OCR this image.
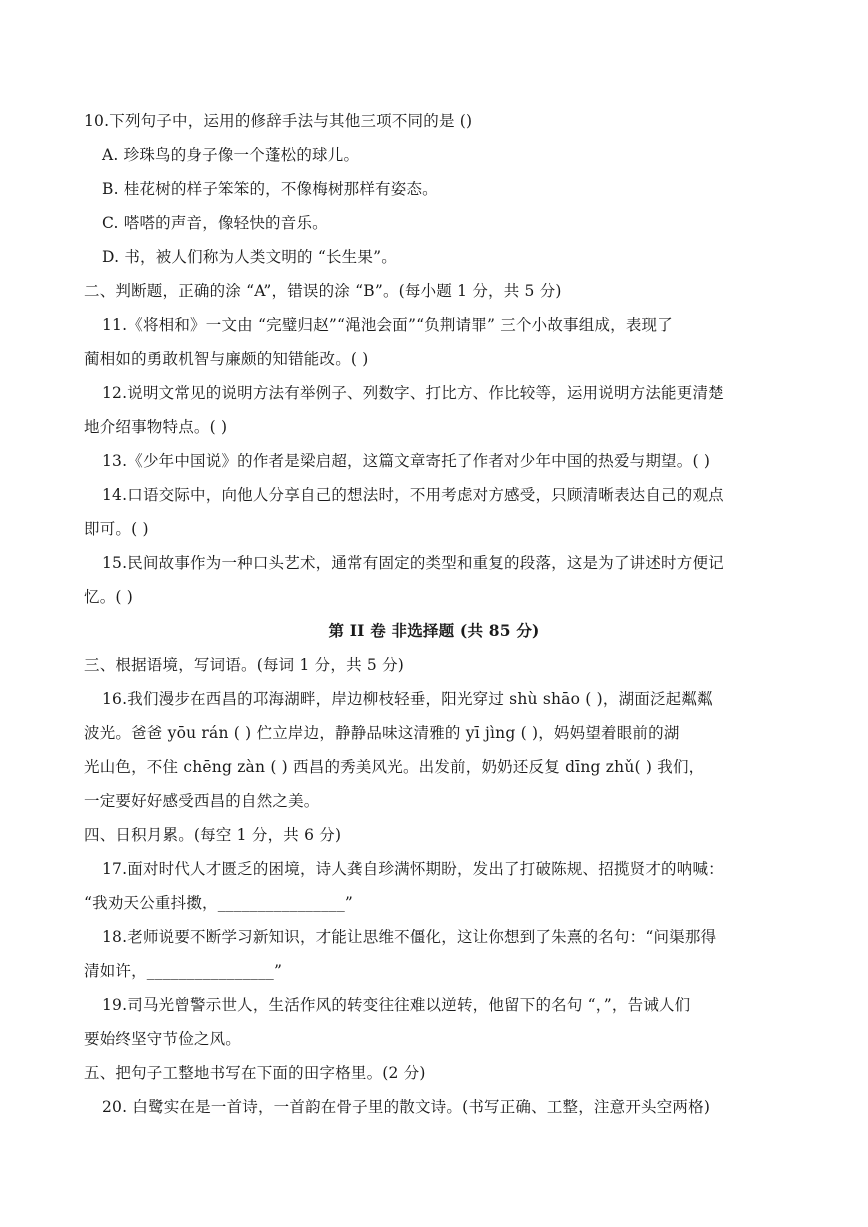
10.下列句子中，运用的修辞手法与其他三项不同的是 ()
A. 珍珠鸟的身子像一个蓬松的球儿。
B. 桂花树的样子笨笨的，不像梅树那样有姿态。
C. 嗒嗒的声音，像轻快的音乐。
D. 书，被人们称为人类文明的 “长生果”。
二、判断题，正确的涂 “A”，错误的涂 “B”。(每小题 1 分，共 5 分)
11.《将相和》一文由 “完璧归赵”“渑池会面”“负荆请罪” 三个小故事组成，表现了
蔺相如的勇敢机智与廉颇的知错能改。( )
12.说明文常见的说明方法有举例子、列数字、打比方、作比较等，运用说明方法能更清楚
地介绍事物特点。( )
13.《少年中国说》的作者是梁启超，这篇文章寄托了作者对少年中国的热爱与期望。( )
14.口语交际中，向他人分享自己的想法时，不用考虑对方感受，只顾清晰表达自己的观点
即可。( )
15.民间故事作为一种口头艺术，通常有固定的类型和重复的段落，这是为了讲述时方便记
忆。( )
第 II 卷 非选择题 (共 85 分)
三、根据语境，写词语。(每词 1 分，共 5 分)
16.我们漫步在西昌的邛海湖畔，岸边柳枝轻垂，阳光穿过 shù shāo ( )，湖面泛起粼粼
波光。爸爸 yōu rán ( ) 伫立岸边，静静品味这清雅的 yī jìng ( )，妈妈望着眼前的湖
光山色，不住 chēng zàn ( ) 西昌的秀美风光。出发前，奶奶还反复 dīng zhǔ( ) 我们，
一定要好好感受西昌的自然之美。
四、日积月累。(每空 1 分，共 6 分)
17.面对时代人才匮乏的困境，诗人龚自珍满怀期盼，发出了打破陈规、招揽贤才的呐喊：
“我劝天公重抖擞，________________”
18.老师说要不断学习新知识，才能让思维不僵化，这让你想到了朱熹的名句：“问渠那得
清如许，________________”
19.司马光曾警示世人，生活作风的转变往往难以逆转，他留下的名句 “，”，告诫人们
要始终坚守节俭之风。
五、把句子工整地书写在下面的田字格里。(2 分)
20. 白鹭实在是一首诗，一首韵在骨子里的散文诗。(书写正确、工整，注意开头空两格)
